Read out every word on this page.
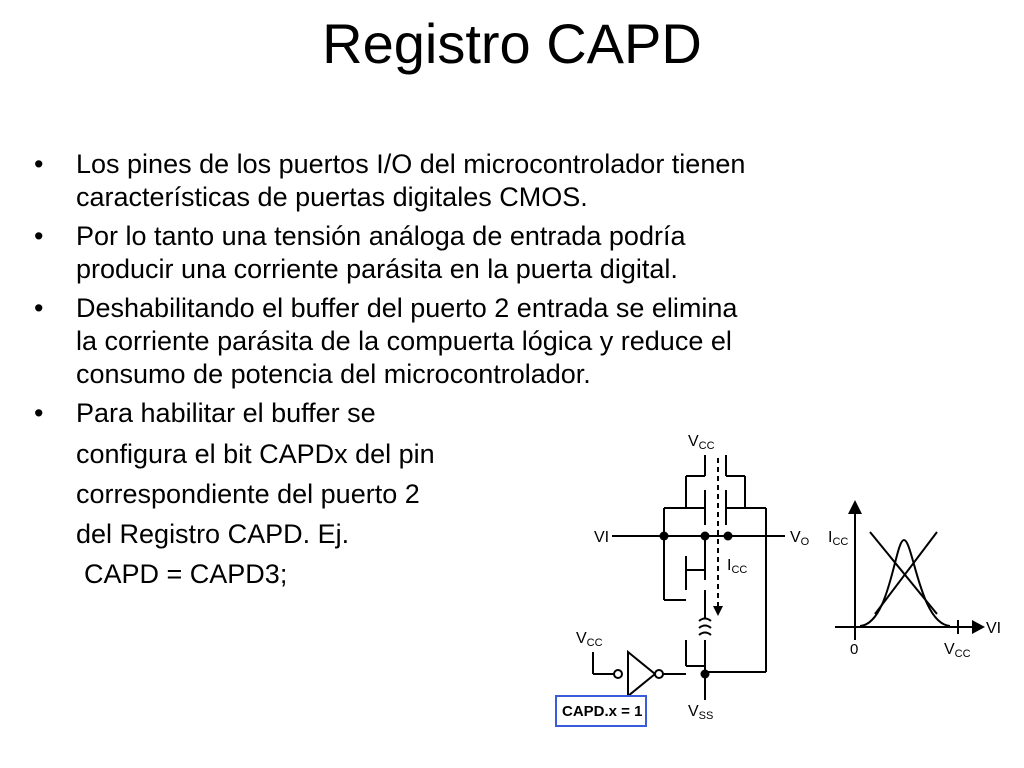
Registro CAPD
• Los pines de los puertos I/O del microcontrolador tienen
características de puertas digitales CMOS.
• Por lo tanto una tensión análoga de entrada podría
producir una corriente parásita en la puerta digital.
• Deshabilitando el buffer del puerto 2 entrada se elimina
la corriente parásita de la compuerta lógica y reduce el
consumo de potencia del microcontrolador.
• Para habilitar el buffer se
configura el bit CAPDx del pin
correspondiente del puerto 2
del Registro CAPD. Ej.
CAPD = CAPD3;
VCC
VI	VO
ICC
VCC
VSS
CAPD.x = 1
ICC
VI
0	VCC
